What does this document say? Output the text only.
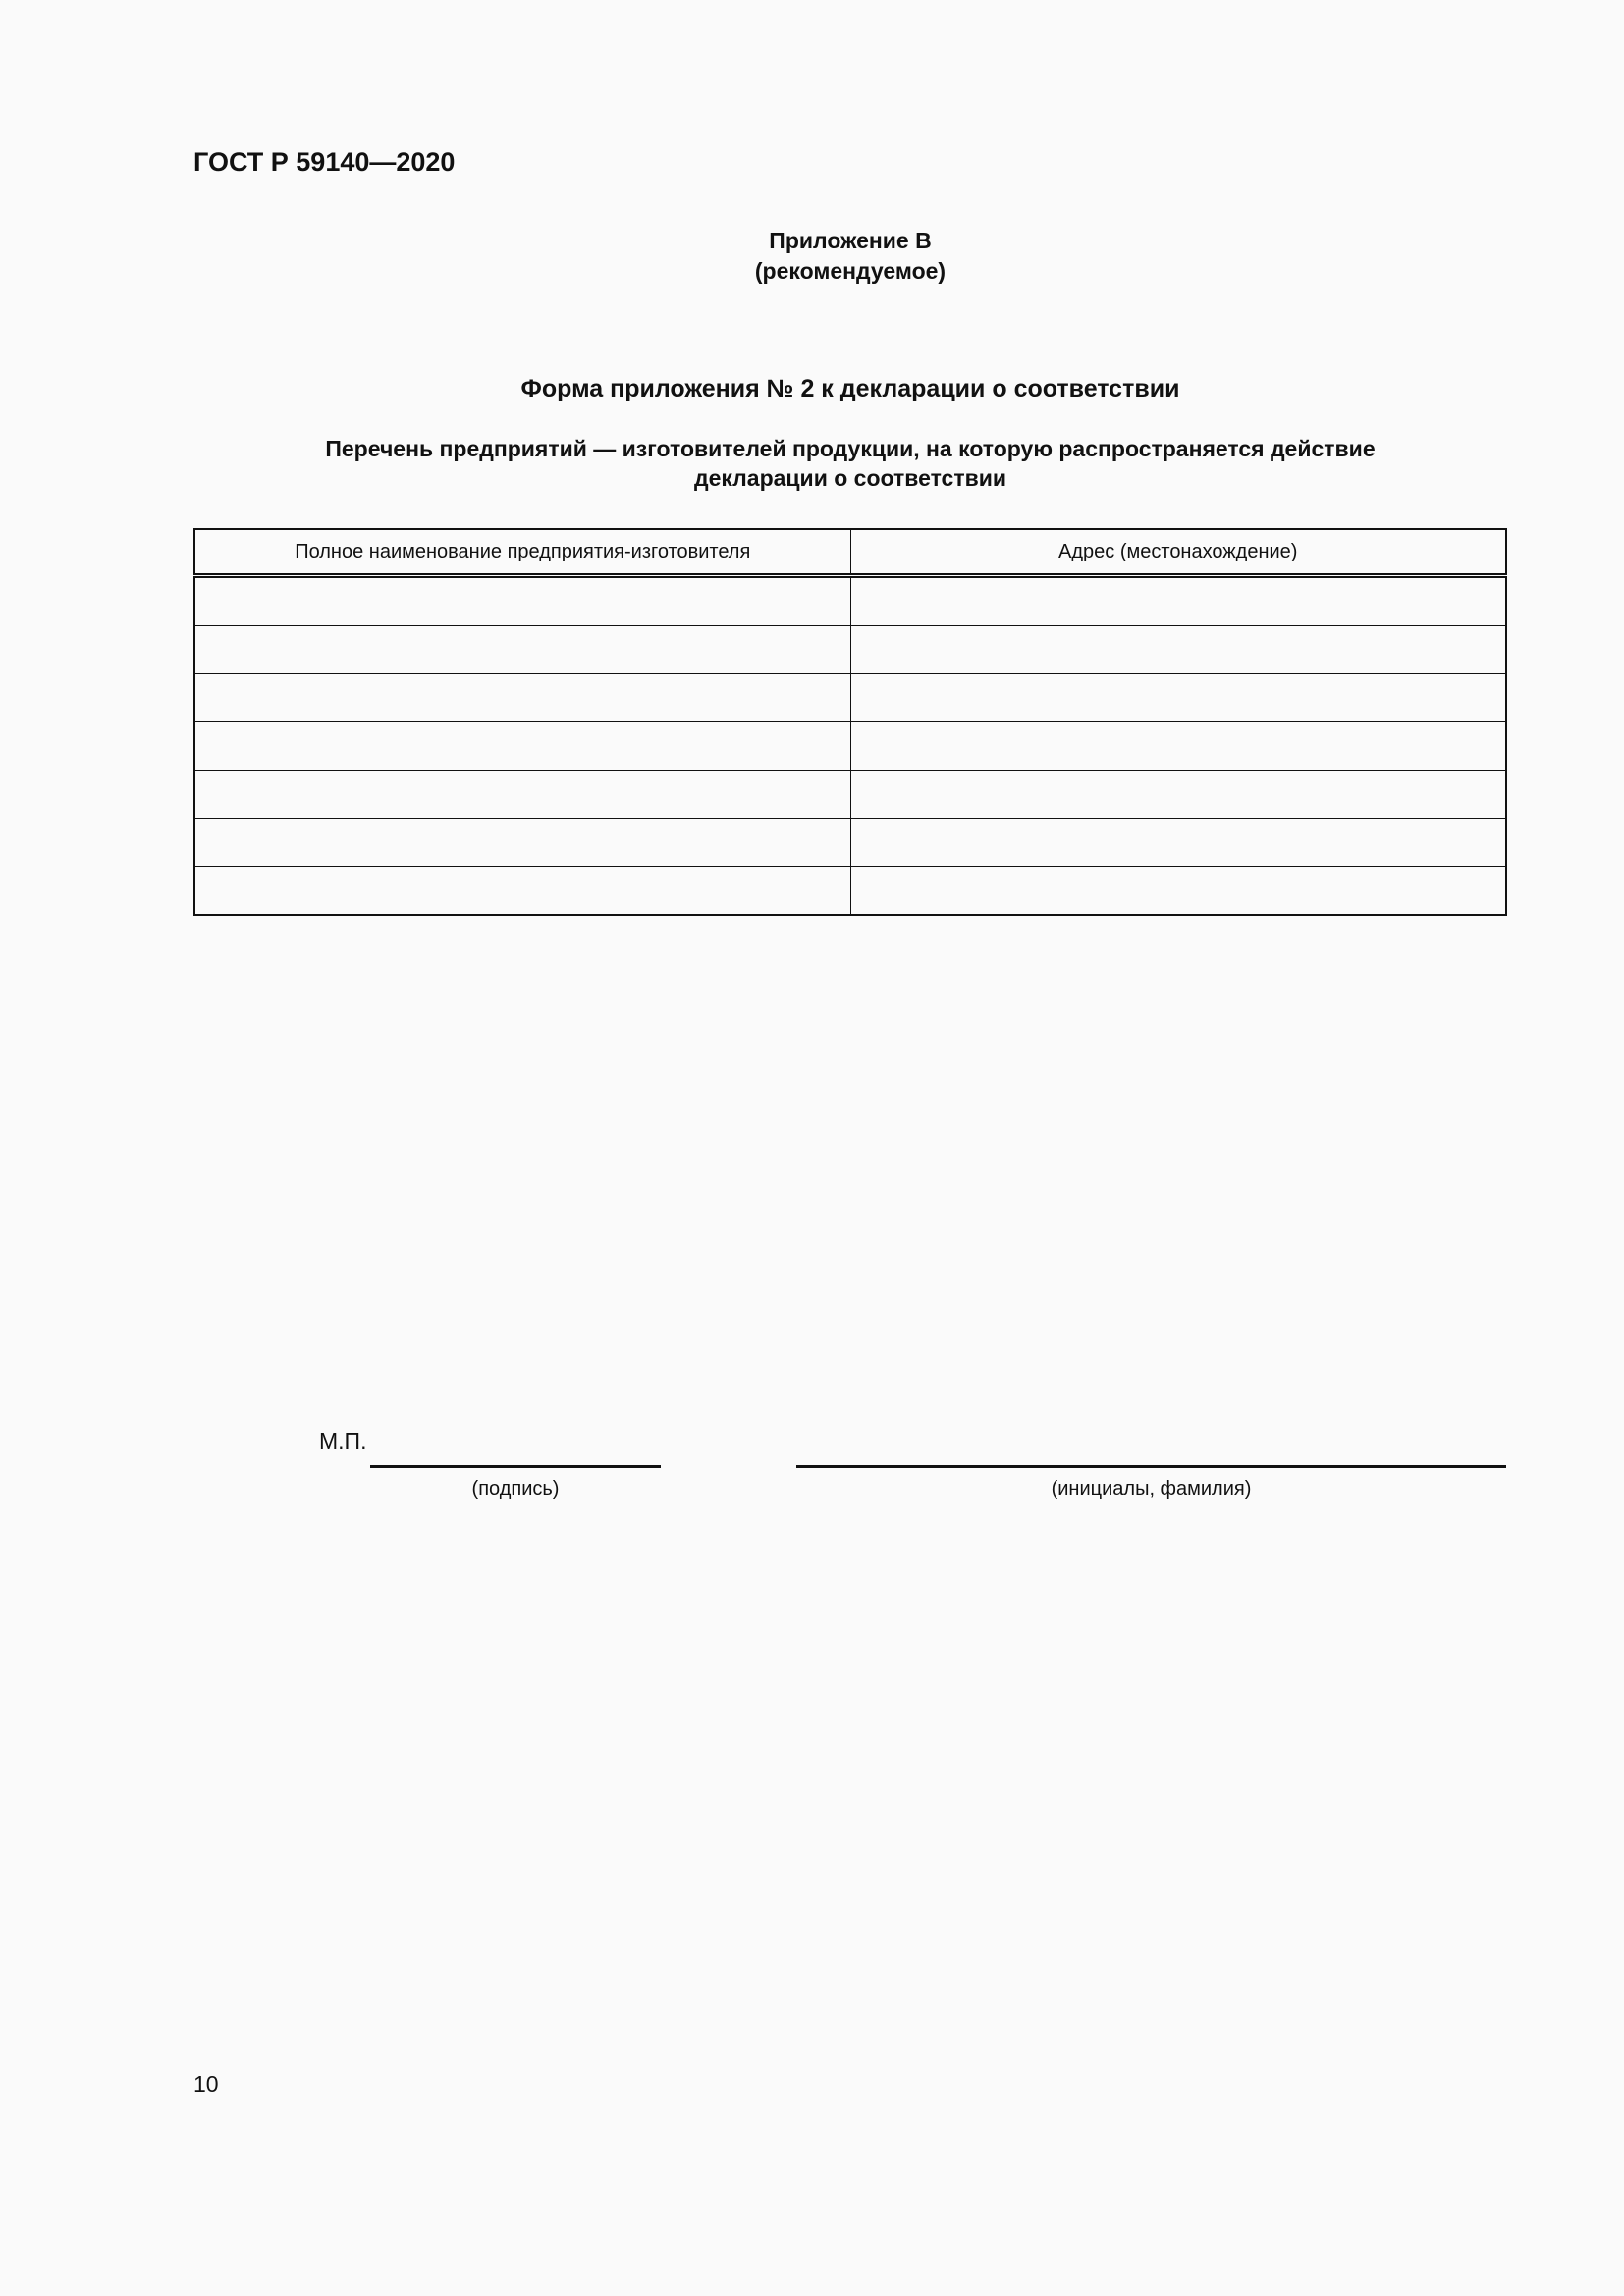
ГОСТ Р 59140—2020
Приложение В
(рекомендуемое)
Форма приложения № 2 к декларации о соответствии
Перечень предприятий — изготовителей продукции, на которую распространяется действие
декларации о соответствии
Полное наименование предприятия-изготовителя	Адрес (местонахождение)

М.П.
(подпись)	(инициалы, фамилия)
10
